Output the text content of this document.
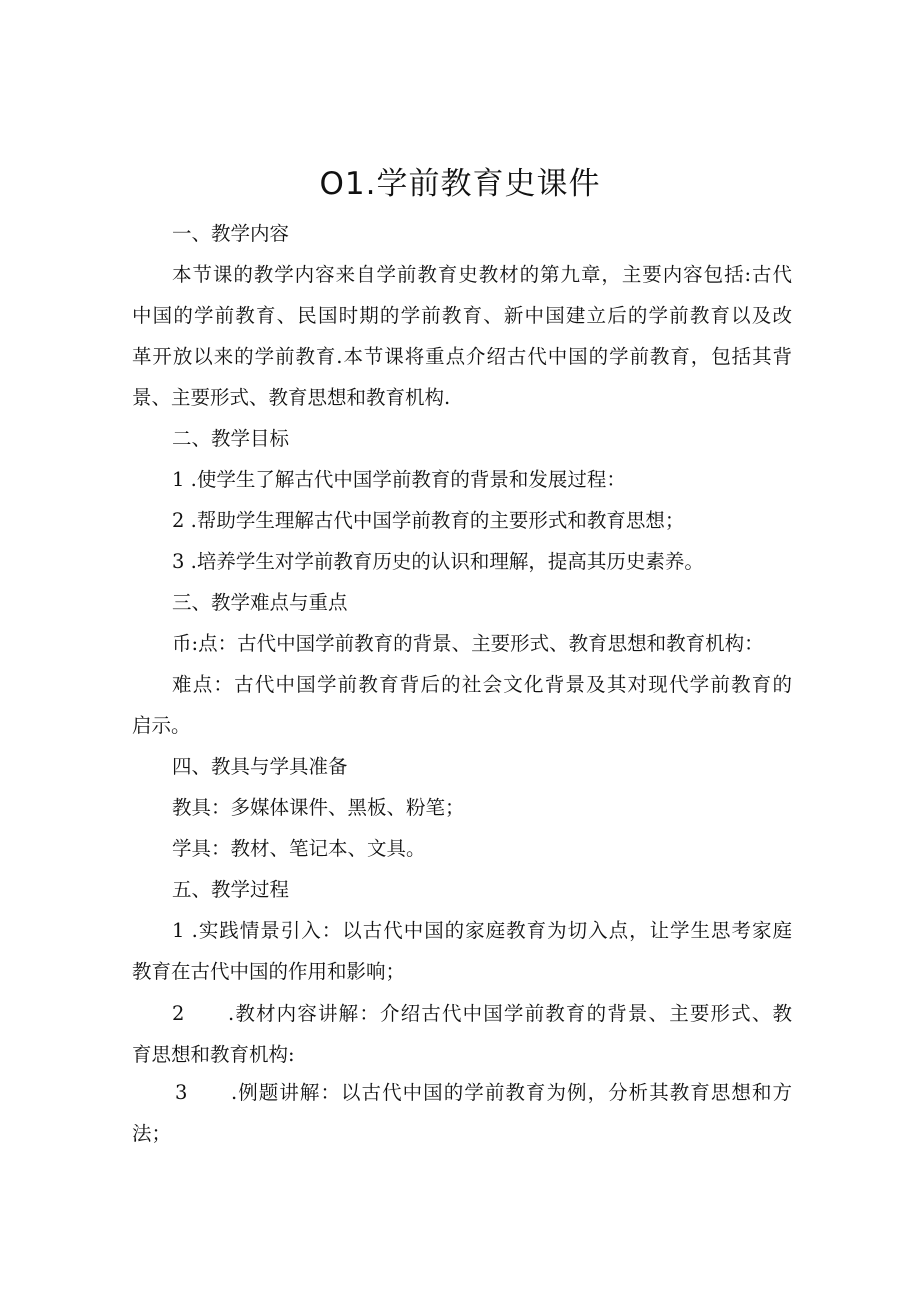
O1.学前教育史课件
一、教学内容
本节课的教学内容来自学前教育史教材的第九章，主要内容包括:古代
中国的学前教育、民国时期的学前教育、新中国建立后的学前教育以及改
革开放以来的学前教育.本节课将重点介绍古代中国的学前教育，包括其背
景、主要形式、教育思想和教育机构.
二、教学目标
1 .使学生了解古代中国学前教育的背景和发展过程：
2 .帮助学生理解古代中国学前教育的主要形式和教育思想；
3 .培养学生对学前教育历史的认识和理解，提高其历史素养。
三、教学难点与重点
币:点：古代中国学前教育的背景、主要形式、教育思想和教育机构：
难点：古代中国学前教育背后的社会文化背景及其对现代学前教育的
启示。
四、教具与学具准备
教具：多媒体课件、黑板、粉笔；
学具：教材、笔记本、文具。
五、教学过程
1 .实践情景引入：以古代中国的家庭教育为切入点，让学生思考家庭
教育在古代中国的作用和影响；
2 .教材内容讲解：介绍古代中国学前教育的背景、主要形式、教
育思想和教育机构:
3 .例题讲解：以古代中国的学前教育为例，分析其教育思想和方
法；
